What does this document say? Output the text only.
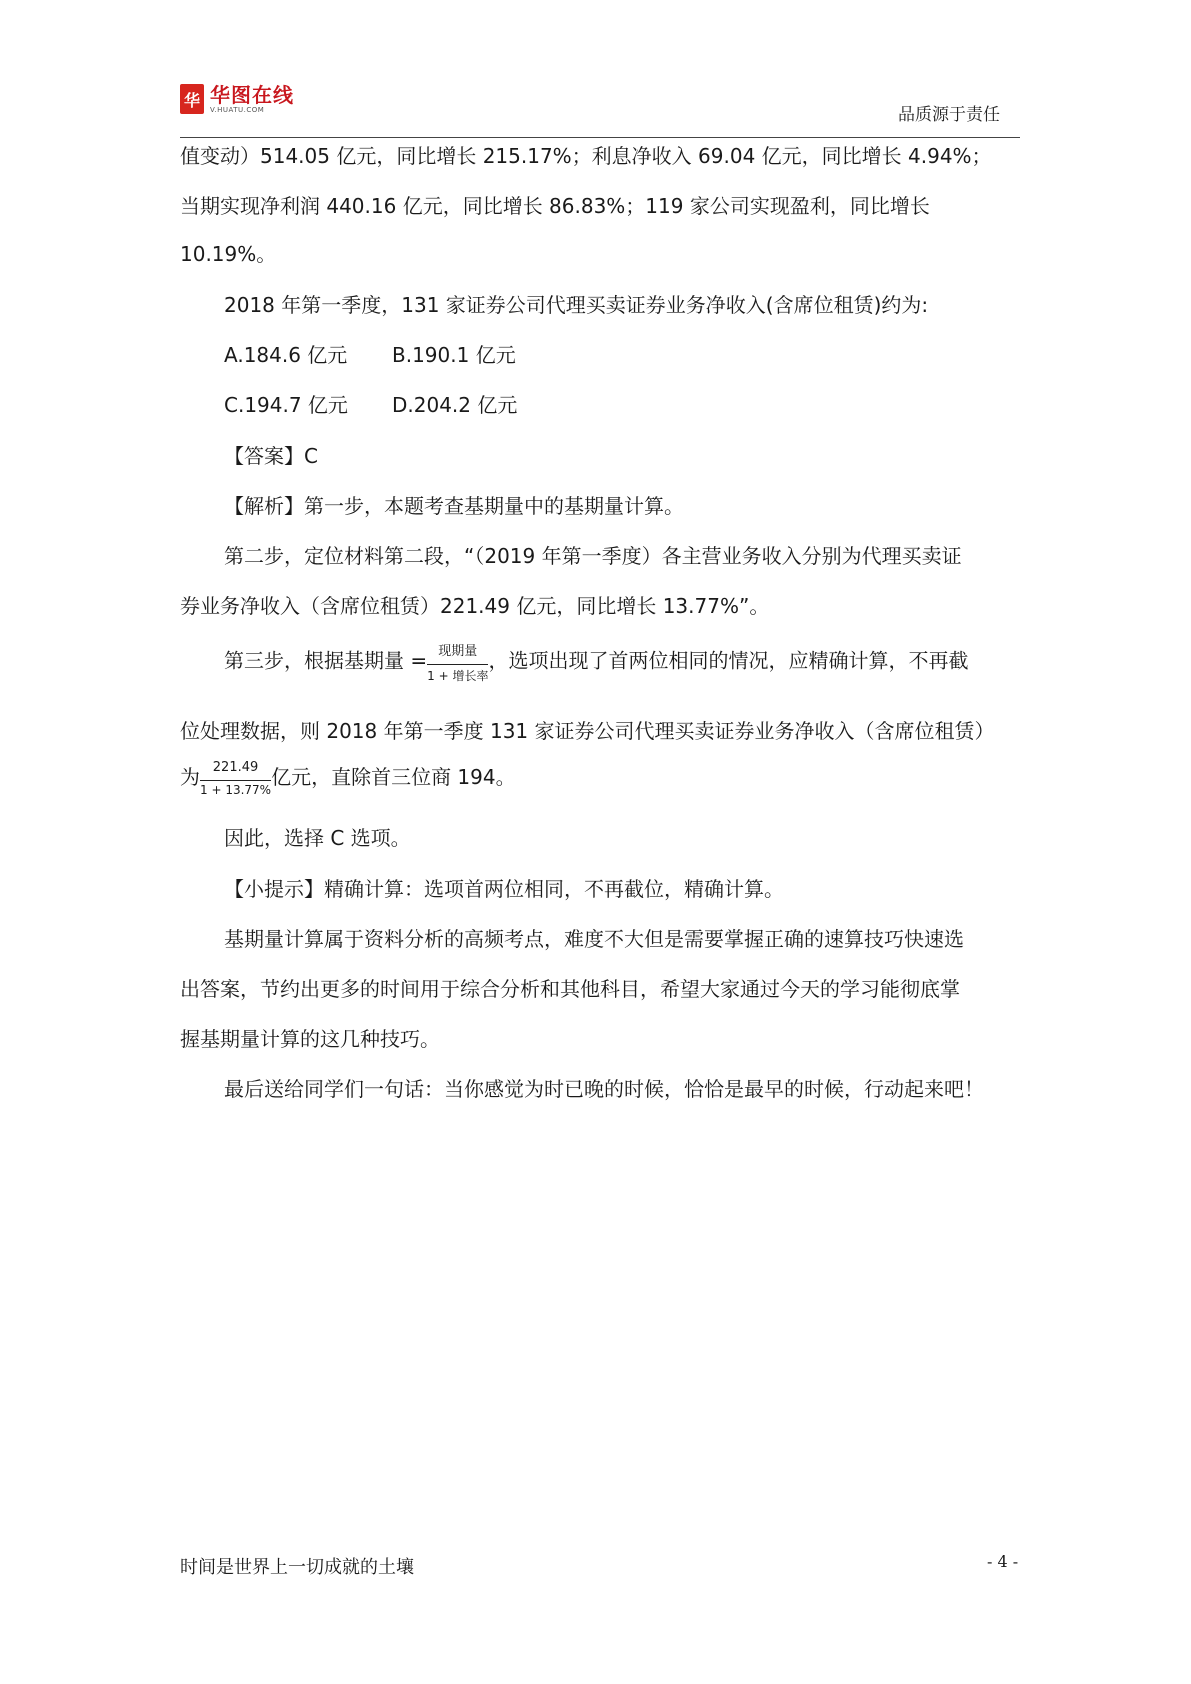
华 华图在线
V.HUATU.COM	品质源于责任
值变动）514.05 亿元，同比增长 215.17%；利息净收入 69.04 亿元，同比增长 4.94%；
当期实现净利润 440.16 亿元，同比增长 86.83%；119 家公司实现盈利，同比增长
10.19%。
2018 年第一季度，131 家证券公司代理买卖证券业务净收入(含席位租赁)约为:
A.184.6 亿元 B.190.1 亿元
C.194.7 亿元 D.204.2 亿元
【答案】C
【解析】第一步，本题考查基期量中的基期量计算。
第二步，定位材料第二段，“（2019 年第一季度）各主营业务收入分别为代理买卖证
券业务净收入（含席位租赁）221.49 亿元，同比增长 13.77%”。
第三步，根据基期量 = $\frac{\text{现期量}}{\text{1 + 增长率}}$ ，选项出现了首两位相同的情况，应精确计算，不再截
位处理数据，则 2018 年第一季度 131 家证券公司代理买卖证券业务净收入（含席位租赁）
为 $\frac{221.49}{1 + 13.77\%}$ 亿元，直除首三位商 194。
因此，选择 C 选项。
【小提示】精确计算：选项首两位相同，不再截位，精确计算。
基期量计算属于资料分析的高频考点，难度不大但是需要掌握正确的速算技巧快速选
出答案，节约出更多的时间用于综合分析和其他科目，希望大家通过今天的学习能彻底掌
握基期量计算的这几种技巧。
最后送给同学们一句话：当你感觉为时已晚的时候，恰恰是最早的时候，行动起来吧！
时间是世界上一切成就的土壤	- 4 -
